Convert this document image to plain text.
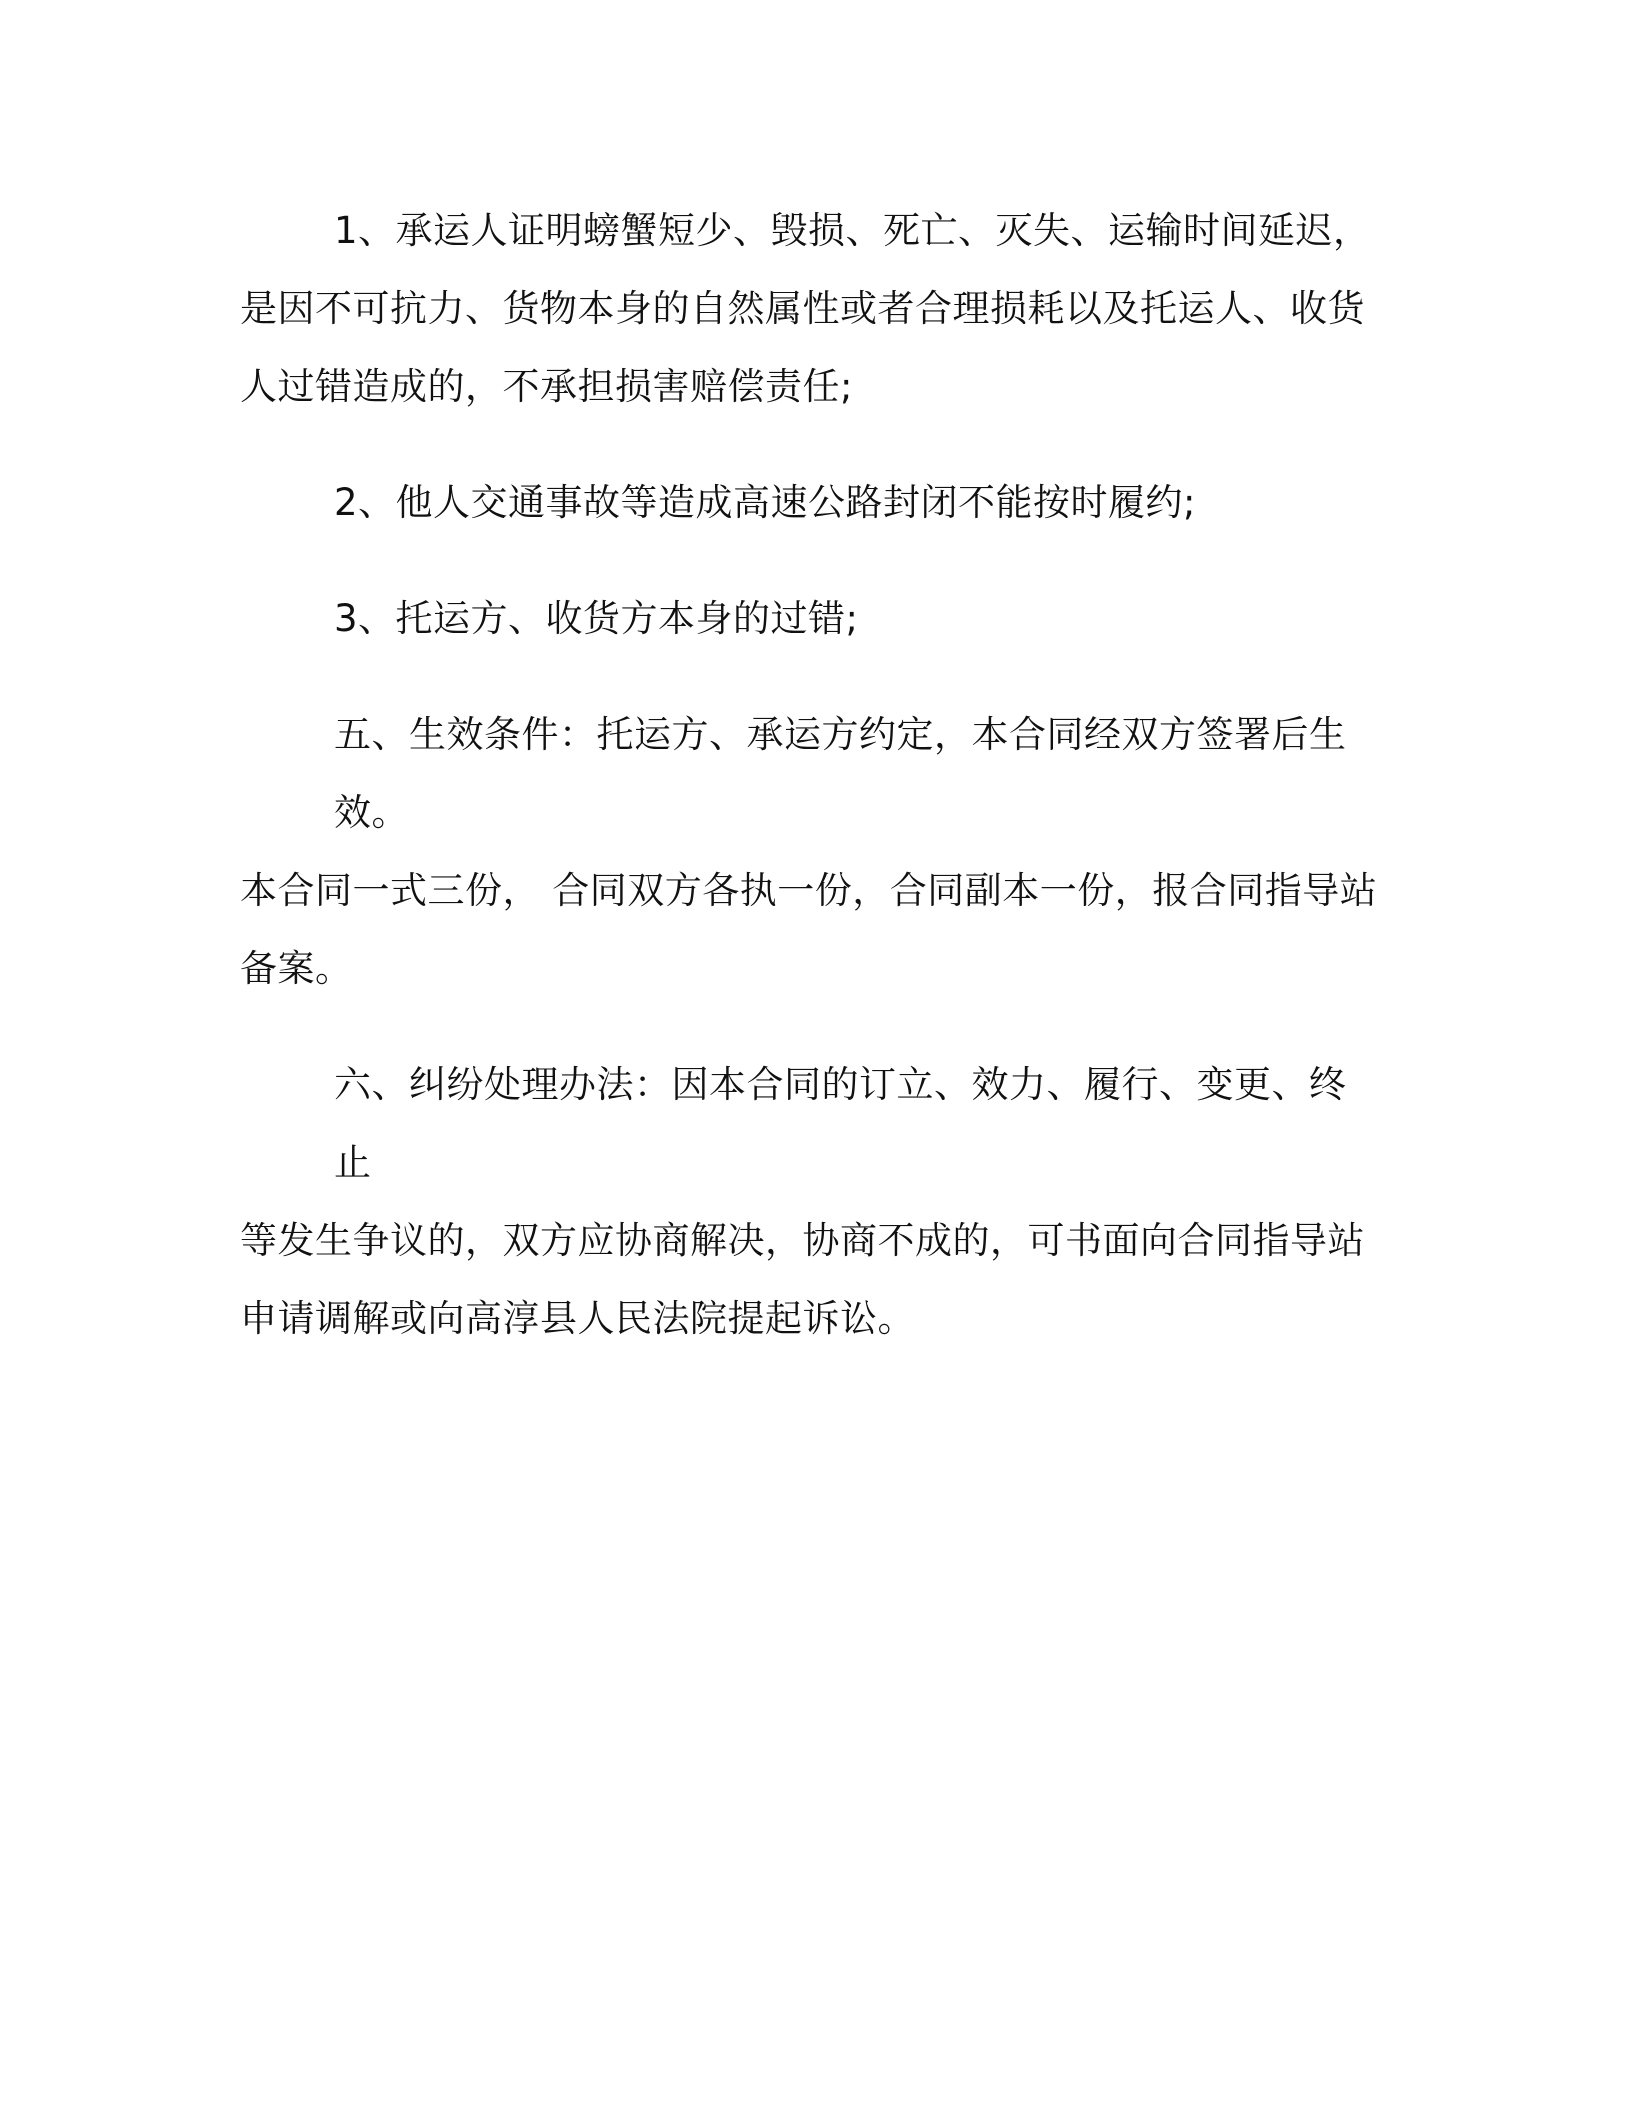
1、承运人证明螃蟹短少、毁损、死亡、灭失、运输时间延迟，
是因不可抗力、货物本身的自然属性或者合理损耗以及托运人、收货
人过错造成的，不承担损害赔偿责任;
2、他人交通事故等造成高速公路封闭不能按时履约;
3、托运方、收货方本身的过错;
五、生效条件：托运方、承运方约定，本合同经双方签署后生效。
本合同一式三份， 合同双方各执一份，合同副本一份，报合同指导站
备案。
六、纠纷处理办法：因本合同的订立、效力、履行、变更、终止
等发生争议的，双方应协商解决，协商不成的，可书面向合同指导站
申请调解或向高淳县人民法院提起诉讼。
